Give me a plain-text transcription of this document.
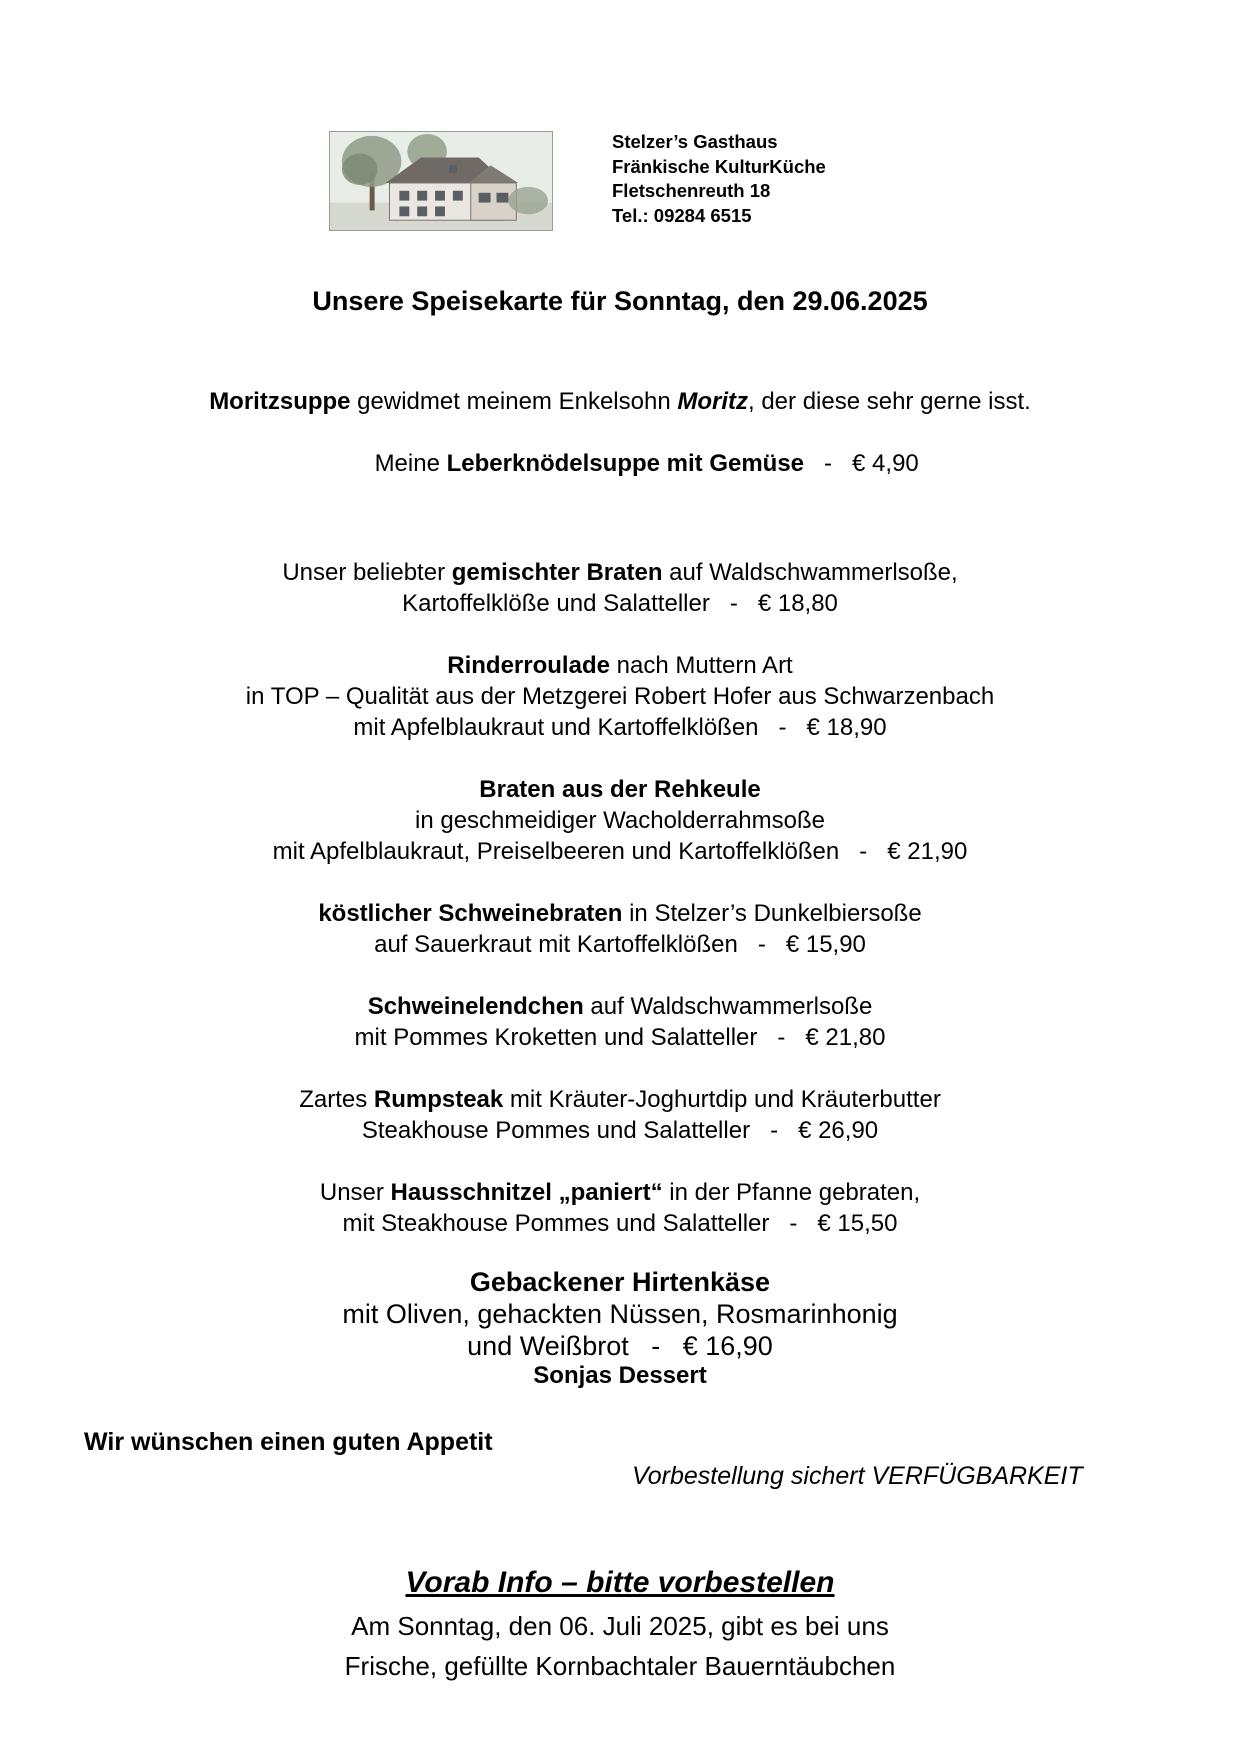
Stelzer’s Gasthaus
Fränkische KulturKüche
Fletschenreuth 18
Tel.: 09284 6515
Unsere Speisekarte für Sonntag, den 29.06.2025
Moritzsuppe gewidmet meinem Enkelsohn Moritz, der diese sehr gerne isst.

Meine Leberknödelsuppe mit Gemüse   -   € 4,90

Unser beliebter gemischter Braten auf Waldschwammerlsoße,
Kartoffelklöße und Salatteller   -   € 18,80
Rinderroulade nach Muttern Art
in TOP – Qualität aus der Metzgerei Robert Hofer aus Schwarzenbach
mit Apfelblaukraut und Kartoffelklößen   -   € 18,90
Braten aus der Rehkeule
in geschmeidiger Wacholderrahmsoße
mit Apfelblaukraut, Preiselbeeren und Kartoffelklößen   -   € 21,90
köstlicher Schweinebraten in Stelzer’s Dunkelbiersoße
auf Sauerkraut mit Kartoffelklößen   -   € 15,90
Schweinelendchen auf Waldschwammerlsoße
mit Pommes Kroketten und Salatteller   -   € 21,80
Zartes Rumpsteak mit Kräuter-Joghurtdip und Kräuterbutter
Steakhouse Pommes und Salatteller   -   € 26,90
Unser Hausschnitzel „paniert“ in der Pfanne gebraten,
mit Steakhouse Pommes und Salatteller   -   € 15,50
Gebackener Hirtenkäse
mit Oliven, gehackten Nüssen, Rosmarinhonig
und Weißbrot   -   € 16,90
Sonjas Dessert
Wir wünschen einen guten Appetit
Vorbestellung sichert VERFÜGBARKEIT
Vorab Info – bitte vorbestellen
Am Sonntag, den 06. Juli 2025, gibt es bei uns
Frische, gefüllte Kornbachtaler Bauerntäubchen
